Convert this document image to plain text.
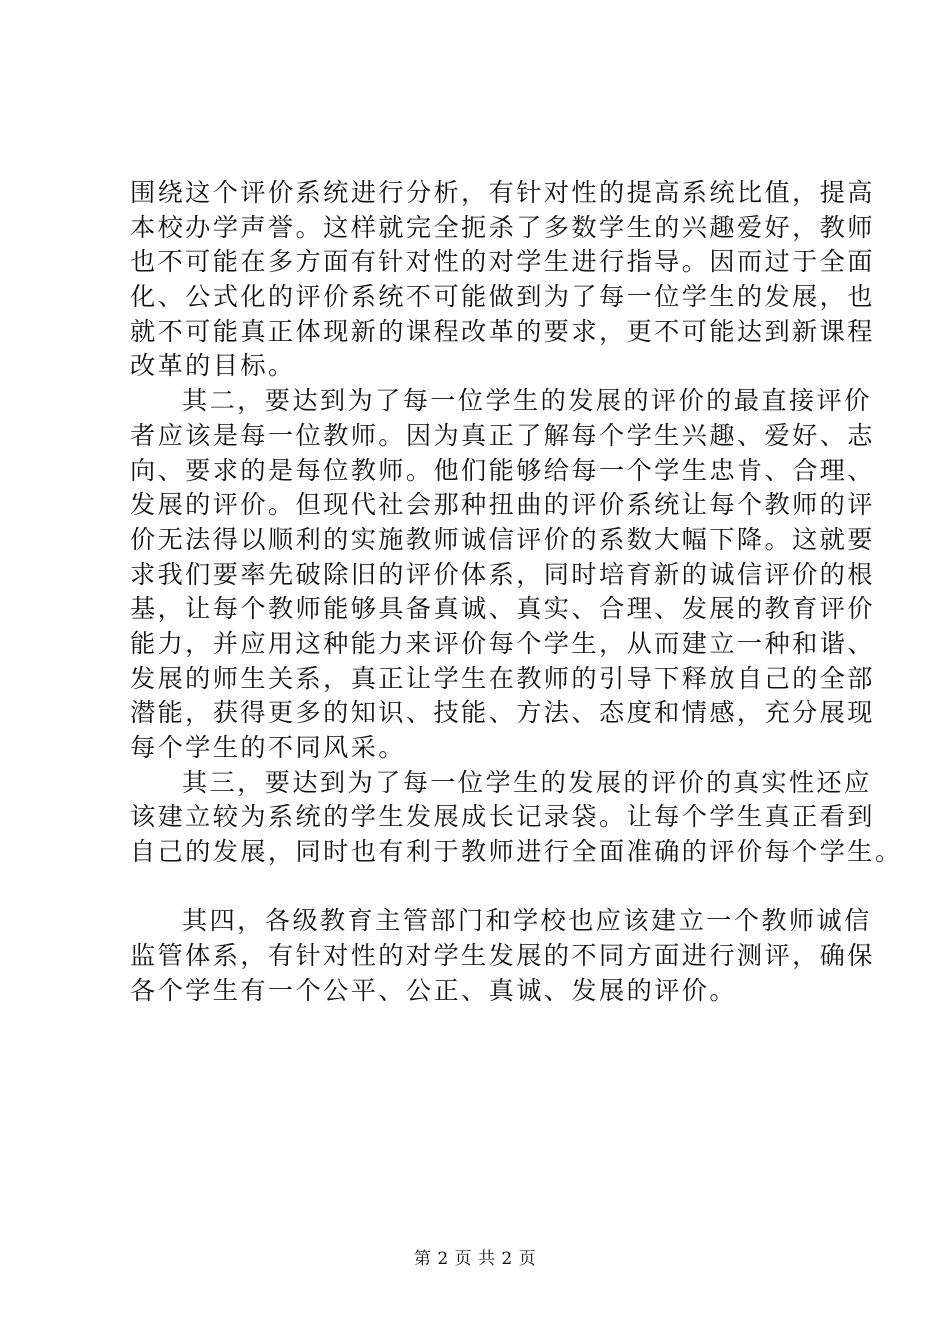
围绕这个评价系统进行分析，有针对性的提高系统比值，提高
本校办学声誉。这样就完全扼杀了多数学生的兴趣爱好，教师
也不可能在多方面有针对性的对学生进行指导。因而过于全面
化、公式化的评价系统不可能做到为了每一位学生的发展，也
就不可能真正体现新的课程改革的要求，更不可能达到新课程
改革的目标。
其二，要达到为了每一位学生的发展的评价的最直接评价
者应该是每一位教师。因为真正了解每个学生兴趣、爱好、志
向、要求的是每位教师。他们能够给每一个学生忠肯、合理、
发展的评价。但现代社会那种扭曲的评价系统让每个教师的评
价无法得以顺利的实施教师诚信评价的系数大幅下降。这就要
求我们要率先破除旧的评价体系，同时培育新的诚信评价的根
基，让每个教师能够具备真诚、真实、合理、发展的教育评价
能力，并应用这种能力来评价每个学生，从而建立一种和谐、
发展的师生关系，真正让学生在教师的引导下释放自己的全部
潜能，获得更多的知识、技能、方法、态度和情感，充分展现
每个学生的不同风采。
其三，要达到为了每一位学生的发展的评价的真实性还应
该建立较为系统的学生发展成长记录袋。让每个学生真正看到
自己的发展，同时也有利于教师进行全面准确的评价每个学生。
其四，各级教育主管部门和学校也应该建立一个教师诚信
监管体系，有针对性的对学生发展的不同方面进行测评，确保
各个学生有一个公平、公正、真诚、发展的评价。
第 2 页 共 2 页
